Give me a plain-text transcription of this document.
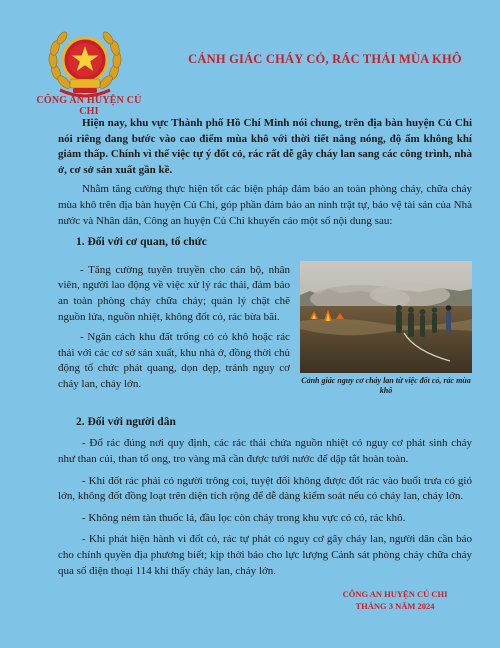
CÔNG AN HUYỆN CỦ CHI
CẢNH GIÁC CHÁY CỎ, RÁC THẢI MÙA KHÔ

Hiện nay, khu vực Thành phố Hồ Chí Minh nói chung, trên địa bàn huyện Củ Chi nói riêng đang bước vào cao điểm mùa khô với thời tiết nắng nóng, độ ẩm không khí giảm thấp. Chính vì thế việc tự ý đốt cỏ, rác rất dễ gây cháy lan sang các công trình, nhà ở, cơ sở sản xuất gần kề.

Nhằm tăng cường thực hiện tốt các biện pháp đảm bảo an toàn phòng cháy, chữa cháy mùa khô trên địa bàn huyện Củ Chi, góp phần đảm bảo an ninh trật tự, bảo vệ tài sản của Nhà nước và Nhân dân, Công an huyện Củ Chi khuyến cáo một số nội dung sau:

1. Đối với cơ quan, tổ chức

- Tăng cường tuyên truyền cho cán bộ, nhân viên, người lao động về việc xử lý rác thải, đảm bảo an toàn phòng cháy chữa cháy; quản lý chặt chẽ nguồn lửa, nguồn nhiệt, không đốt cỏ, rác bừa bãi.

- Ngăn cách khu đất trống có cỏ khô hoặc rác thải với các cơ sở sản xuất, khu nhà ở, đồng thời chủ động tổ chức phát quang, dọn dẹp, tránh nguy cơ cháy lan, cháy lớn.	Cảnh giác nguy cơ cháy lan từ việc đốt cỏ, rác mùa khô
2. Đối với người dân

- Đổ rác đúng nơi quy định, các rác thải chứa nguồn nhiệt có nguy cơ phát sinh cháy như than củi, than tổ ong, tro vàng mã cần được tưới nước để dập tắt hoàn toàn.

- Khi đốt rác phải có người trông coi, tuyệt đối không được đốt rác vào buổi trưa có gió lớn, không đốt đồng loạt trên diện tích rộng để dễ dàng kiểm soát nếu có cháy lan, cháy lớn.

- Không ném tàn thuốc lá, đầu lọc còn cháy trong khu vực có cỏ, rác khô.

- Khi phát hiện hành vi đốt cỏ, rác tự phát có nguy cơ gây cháy lan, người dân cần báo cho chính quyền địa phương biết; kịp thời báo cho lực lượng Cảnh sát phòng cháy chữa cháy qua số điện thoại 114 khi thấy cháy lan, cháy lớn.

CÔNG AN HUYỆN CỦ CHI
THÁNG 3 NĂM 2024
